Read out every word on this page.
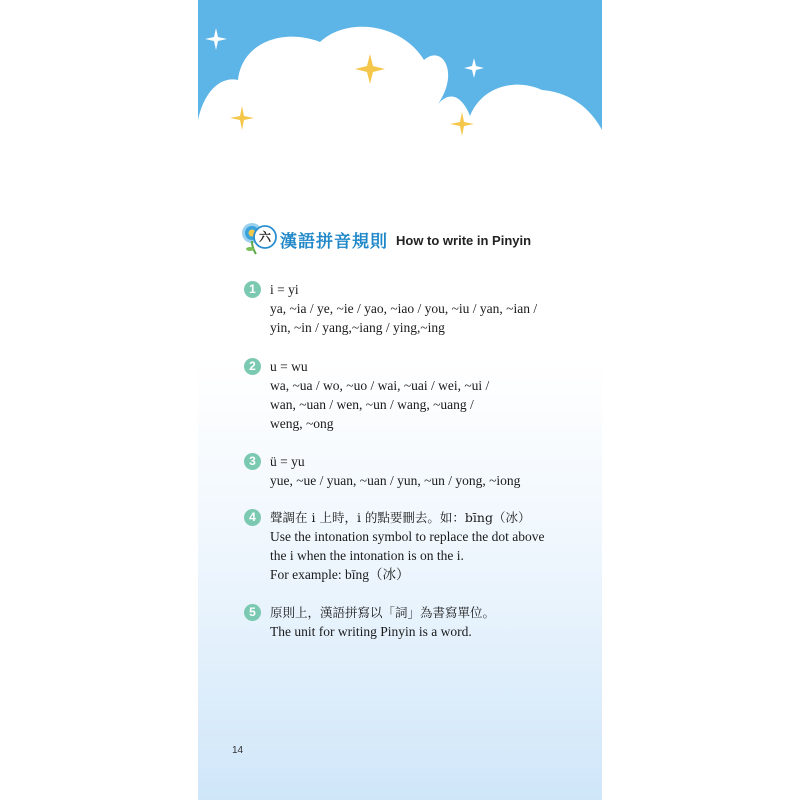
六 漢語拼音規則 How to write in Pinyin
1	i = yi
ya, ~ia / ye, ~ie / yao, ~iao / you, ~iu / yan, ~ian /
yin, ~in / yang,~iang / ying,~ing
2	u = wu
wa, ~ua / wo, ~uo / wai, ~uai / wei, ~ui /
wan, ~uan / wen, ~un / wang, ~uang /
weng, ~ong
3	ü = yu
yue, ~ue / yuan, ~uan / yun, ~un / yong, ~iong
4	聲調在 i 上時，i 的點要刪去。如：bīng（冰）
Use the intonation symbol to replace the dot above
the i when the intonation is on the i.
For example: bīng（冰）
5	原則上，漢語拼寫以「詞」為書寫單位。
The unit for writing Pinyin is a word.
14
